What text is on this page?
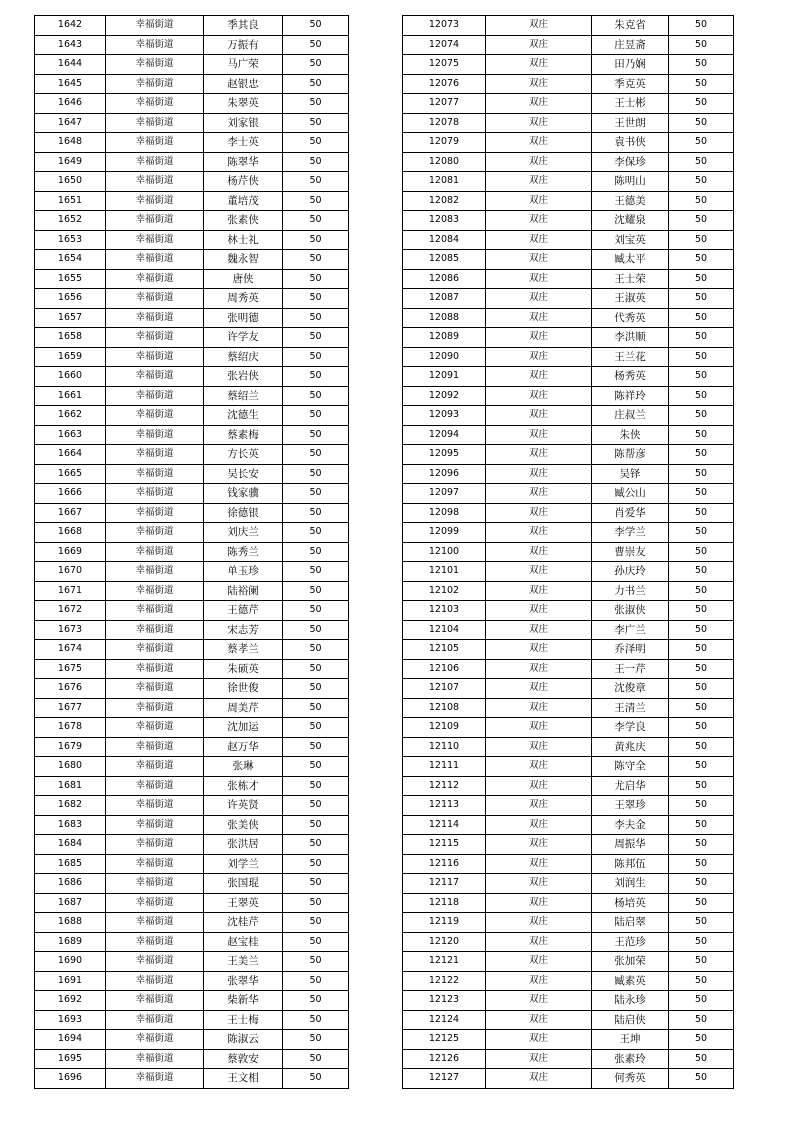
1642	幸福街道	季其良	50
1643	幸福街道	万振有	50
1644	幸福街道	马广荣	50
1645	幸福街道	赵银忠	50
1646	幸福街道	朱翠英	50
1647	幸福街道	刘家银	50
1648	幸福街道	李士英	50
1649	幸福街道	陈翠华	50
1650	幸福街道	杨芹侠	50
1651	幸福街道	董培茂	50
1652	幸福街道	张素侠	50
1653	幸福街道	林士礼	50
1654	幸福街道	魏永智	50
1655	幸福街道	唐侠	50
1656	幸福街道	周秀英	50
1657	幸福街道	张明德	50
1658	幸福街道	许学友	50
1659	幸福街道	蔡绍庆	50
1660	幸福街道	张岩侠	50
1661	幸福街道	蔡绍兰	50
1662	幸福街道	沈德生	50
1663	幸福街道	蔡素梅	50
1664	幸福街道	方长英	50
1665	幸福街道	吴长安	50
1666	幸福街道	钱家骥	50
1667	幸福街道	徐德银	50
1668	幸福街道	刘庆兰	50
1669	幸福街道	陈秀兰	50
1670	幸福街道	单玉珍	50
1671	幸福街道	陆裕阑	50
1672	幸福街道	王德芹	50
1673	幸福街道	宋志芳	50
1674	幸福街道	蔡孝兰	50
1675	幸福街道	朱硕英	50
1676	幸福街道	徐世俊	50
1677	幸福街道	周美芹	50
1678	幸福街道	沈加运	50
1679	幸福街道	赵万华	50
1680	幸福街道	张琳	50
1681	幸福街道	张栋才	50
1682	幸福街道	许英贤	50
1683	幸福街道	张美侠	50
1684	幸福街道	张洪居	50
1685	幸福街道	刘学兰	50
1686	幸福街道	张国琨	50
1687	幸福街道	王翠英	50
1688	幸福街道	沈桂芹	50
1689	幸福街道	赵宝桂	50
1690	幸福街道	王美兰	50
1691	幸福街道	张翠华	50
1692	幸福街道	柴新华	50
1693	幸福街道	王士梅	50
1694	幸福街道	陈淑云	50
1695	幸福街道	蔡敦安	50
1696	幸福街道	王文相	50
12073	双庄	朱克省	50
12074	双庄	庄昱斋	50
12075	双庄	田乃娴	50
12076	双庄	季克英	50
12077	双庄	王士彬	50
12078	双庄	王世朗	50
12079	双庄	袁书侠	50
12080	双庄	李保珍	50
12081	双庄	陈明山	50
12082	双庄	王德美	50
12083	双庄	沈耀泉	50
12084	双庄	刘宝英	50
12085	双庄	臧太平	50
12086	双庄	王士荣	50
12087	双庄	王淑英	50
12088	双庄	代秀英	50
12089	双庄	李洪顺	50
12090	双庄	王兰花	50
12091	双庄	杨秀英	50
12092	双庄	陈祥玲	50
12093	双庄	庄叔兰	50
12094	双庄	朱侠	50
12095	双庄	陈帮彦	50
12096	双庄	吴铎	50
12097	双庄	臧公山	50
12098	双庄	肖爱华	50
12099	双庄	李学兰	50
12100	双庄	曹崇友	50
12101	双庄	孙庆玲	50
12102	双庄	力书兰	50
12103	双庄	张淑侠	50
12104	双庄	李广兰	50
12105	双庄	乔泽明	50
12106	双庄	王一芹	50
12107	双庄	沈俊章	50
12108	双庄	王清兰	50
12109	双庄	李学良	50
12110	双庄	黄兆庆	50
12111	双庄	陈守全	50
12112	双庄	尤启华	50
12113	双庄	王翠珍	50
12114	双庄	李夫金	50
12115	双庄	周振华	50
12116	双庄	陈邦伍	50
12117	双庄	刘润生	50
12118	双庄	杨培英	50
12119	双庄	陆启翠	50
12120	双庄	王范珍	50
12121	双庄	张加荣	50
12122	双庄	臧素英	50
12123	双庄	陆永珍	50
12124	双庄	陆启侠	50
12125	双庄	王坤	50
12126	双庄	张素玲	50
12127	双庄	何秀英	50
